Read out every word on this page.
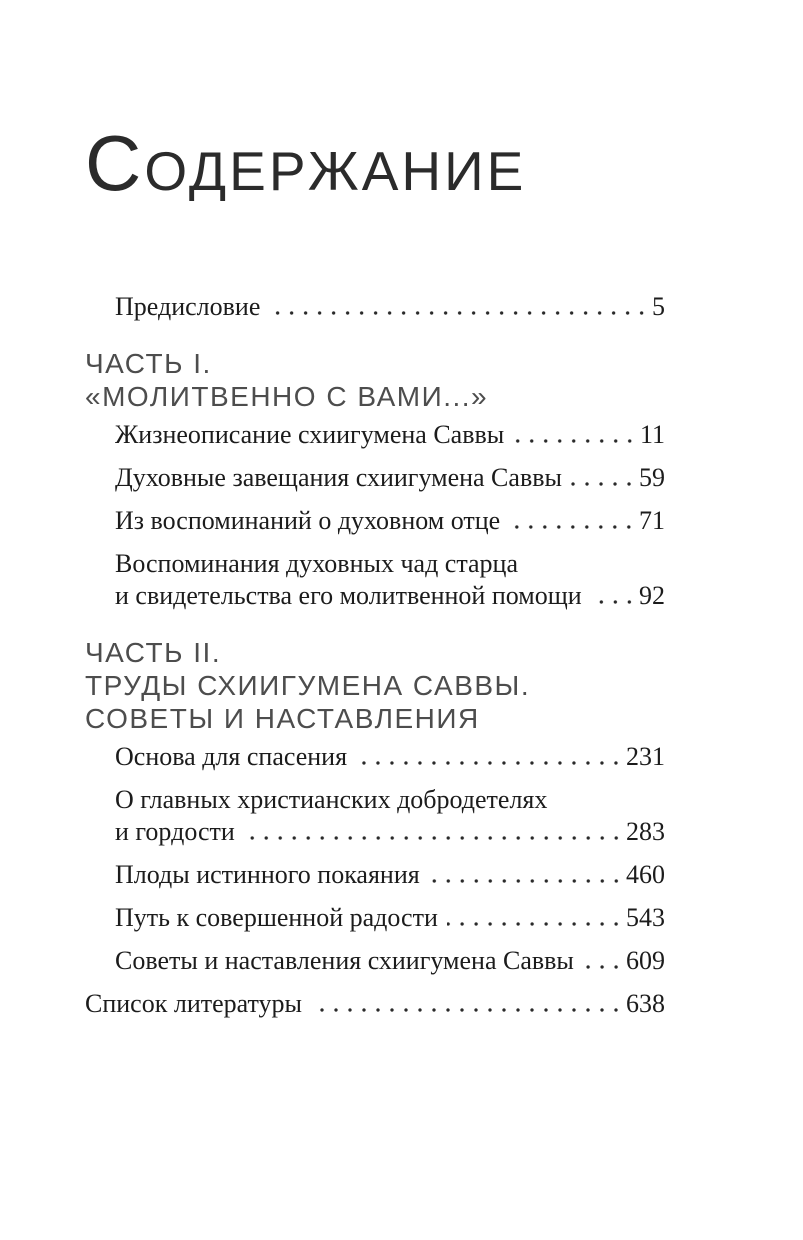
СОДЕРЖАНИЕ
Предисловие	5
ЧАСТЬ I.
«МОЛИТВЕННО С ВАМИ...»
Жизнеописание схиигумена Саввы	11
Духовные завещания схиигумена Саввы	59
Из воспоминаний о духовном отце	71
Воспоминания духовных чад старца
и свидетельства его молитвенной помощи 92
ЧАСТЬ II.
ТРУДЫ СХИИГУМЕНА САВВЫ.
СОВЕТЫ И НАСТАВЛЕНИЯ
Основа для спасения	231
О главных христианских добродетелях
и гордости	283
Плоды истинного покаяния	460
Путь к совершенной радости	543
Советы и наставления схиигумена Саввы 609
Список литературы	638
